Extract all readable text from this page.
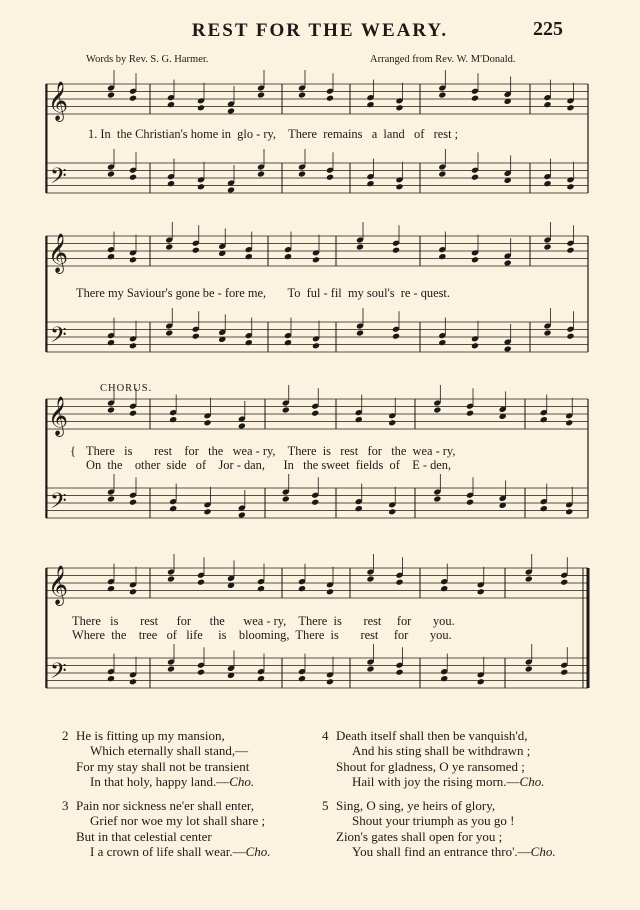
REST FOR THE WEARY.	225
Words by Rev. S. G. Harmer.	Arranged from Rev. W. M'Donald.
𝄞
𝄢
𝄞
𝄢
𝄞
𝄢
𝄞
𝄢
1. In  the Christian's home in  glo - ry,    There  remains   a  land   of   rest ;
There my Saviour's gone be - fore me,       To  ful - fil  my soul's  re - quest.
CHORUS.
{ There   is       rest    for   the   wea - ry,    There  is   rest   for   the  wea - ry,
On  the    other  side   of    Jor - dan,      In   the sweet  fields  of    E - den,
There   is       rest      for      the      wea - ry,    There  is       rest     for       you.
Where  the    tree   of   life     is    blooming,  There  is       rest     for       you.
2 He is fitting up my mansion,
Which eternally shall stand,—
For my stay shall not be transient
In that holy, happy land.—Cho.
3 Pain nor sickness ne'er shall enter,
Grief nor woe my lot shall share ;
But in that celestial center
I a crown of life shall wear.—Cho.
4 Death itself shall then be vanquish'd,
And his sting shall be withdrawn ;
Shout for gladness, O ye ransomed ;
Hail with joy the rising morn.—Cho.
5 Sing, O sing, ye heirs of glory,
Shout your triumph as you go !
Zion's gates shall open for you ;
You shall find an entrance thro'.—Cho.
